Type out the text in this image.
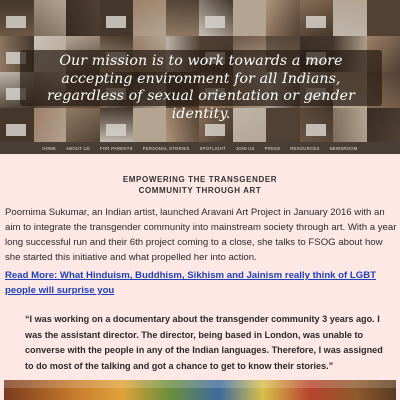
Our mission is to work towards a more accepting environment for all Indians, regardless of sexual orientation or gender identity.
HOME ABOUT US FOR PARENTS PERSONAL STORIES SPOTLIGHT JOIN US PRESS RESOURCES NEWSROOM
EMPOWERING THE TRANSGENDER
COMMUNITY THROUGH ART

Poornima Sukumar, an Indian artist, launched Aravani Art Project in January 2016 with an aim to integrate the transgender community into mainstream society through art. With a year long successful run and their 6th project coming to a close, she talks to FSOG about how she started this initiative and what propelled her into action.

Read More: What Hinduism, Buddhism, Sikhism and Jainism really think of LGBT people will surprise you
“I was working on a documentary about the transgender community 3 years ago. I was the assistant director. The director, being based in London, was unable to converse with the people in any of the Indian languages. Therefore, I was assigned to do most of the talking and got a chance to get to know their stories.”
